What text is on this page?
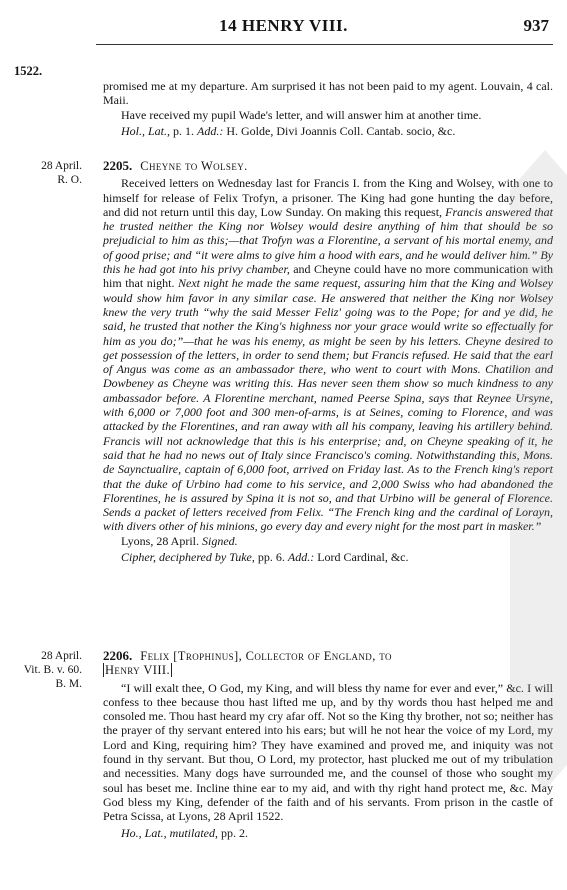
14 HENRY VIII.	937
1522.
28 April.
R. O.
28 April.
Vit. B. v. 60.
B. M.

promised me at my departure. Am surprised it has not been paid to my agent. Louvain, 4 cal. Maii.

Have received my pupil Wade's letter, and will answer him at another time.

Hol., Lat., p. 1. Add.: H. Golde, Divi Joannis Coll. Cantab. socio, &c.

2205. Cheyne to Wolsey.

Received letters on Wednesday last for Francis I. from the King and Wolsey, with one to himself for release of Felix Trofyn, a prisoner. The King had gone hunting the day before, and did not return until this day, Low Sunday. On making this request, Francis answered that he trusted neither the King nor Wolsey would desire anything of him that should be so prejudicial to him as this;—that Trofyn was a Florentine, a servant of his mortal enemy, and of good prise; and “it were alms to give him a hood with ears, and he would deliver him.” By this he had got into his privy chamber, and Cheyne could have no more communication with him that night. Next night he made the same request, assuring him that the King and Wolsey would show him favor in any similar case. He answered that neither the King nor Wolsey knew the very truth “why the said Messer Feliz' going was to the Pope; for and ye did, he said, he trusted that nother the King's highness nor your grace would write so effectually for him as you do;”—that he was his enemy, as might be seen by his letters. Cheyne desired to get possession of the letters, in order to send them; but Francis refused. He said that the earl of Angus was come as an ambassador there, who went to court with Mons. Chatilion and Dowbeney as Cheyne was writing this. Has never seen them show so much kindness to any ambassador before. A Florentine merchant, named Peerse Spina, says that Reynee Ursyne, with 6,000 or 7,000 foot and 300 men-of-arms, is at Seines, coming to Florence, and was attacked by the Florentines, and ran away with all his company, leaving his artillery behind. Francis will not acknowledge that this is his enterprise; and, on Cheyne speaking of it, he said that he had no news out of Italy since Francisco's coming. Notwithstanding this, Mons. de Saynctualire, captain of 6,000 foot, arrived on Friday last. As to the French king's report that the duke of Urbino had come to his service, and 2,000 Swiss who had abandoned the Florentines, he is assured by Spina it is not so, and that Urbino will be general of Florence. Sends a packet of letters received from Felix. “The French king and the cardinal of Lorayn, with divers other of his minions, go every day and every night for the most part in masker.”

Lyons, 28 April. Signed.

Cipher, deciphered by Tuke, pp. 6. Add.: Lord Cardinal, &c.

2206. Felix [Trophinus], Collector of England, to
Henry VIII.

“I will exalt thee, O God, my King, and will bless thy name for ever and ever,” &c. I will confess to thee because thou hast lifted me up, and by thy words thou hast helped me and consoled me. Thou hast heard my cry afar off. Not so the King thy brother, not so; neither has the prayer of thy servant entered into his ears; but will he not hear the voice of my Lord, my Lord and King, requiring him? They have examined and proved me, and iniquity was not found in thy servant. But thou, O Lord, my protector, hast plucked me out of my tribulation and necessities. Many dogs have surrounded me, and the counsel of those who sought my soul has beset me. Incline thine ear to my aid, and with thy right hand protect me, &c. May God bless my King, defender of the faith and of his servants. From prison in the castle of Petra Scissa, at Lyons, 28 April 1522.

Ho., Lat., mutilated, pp. 2.
